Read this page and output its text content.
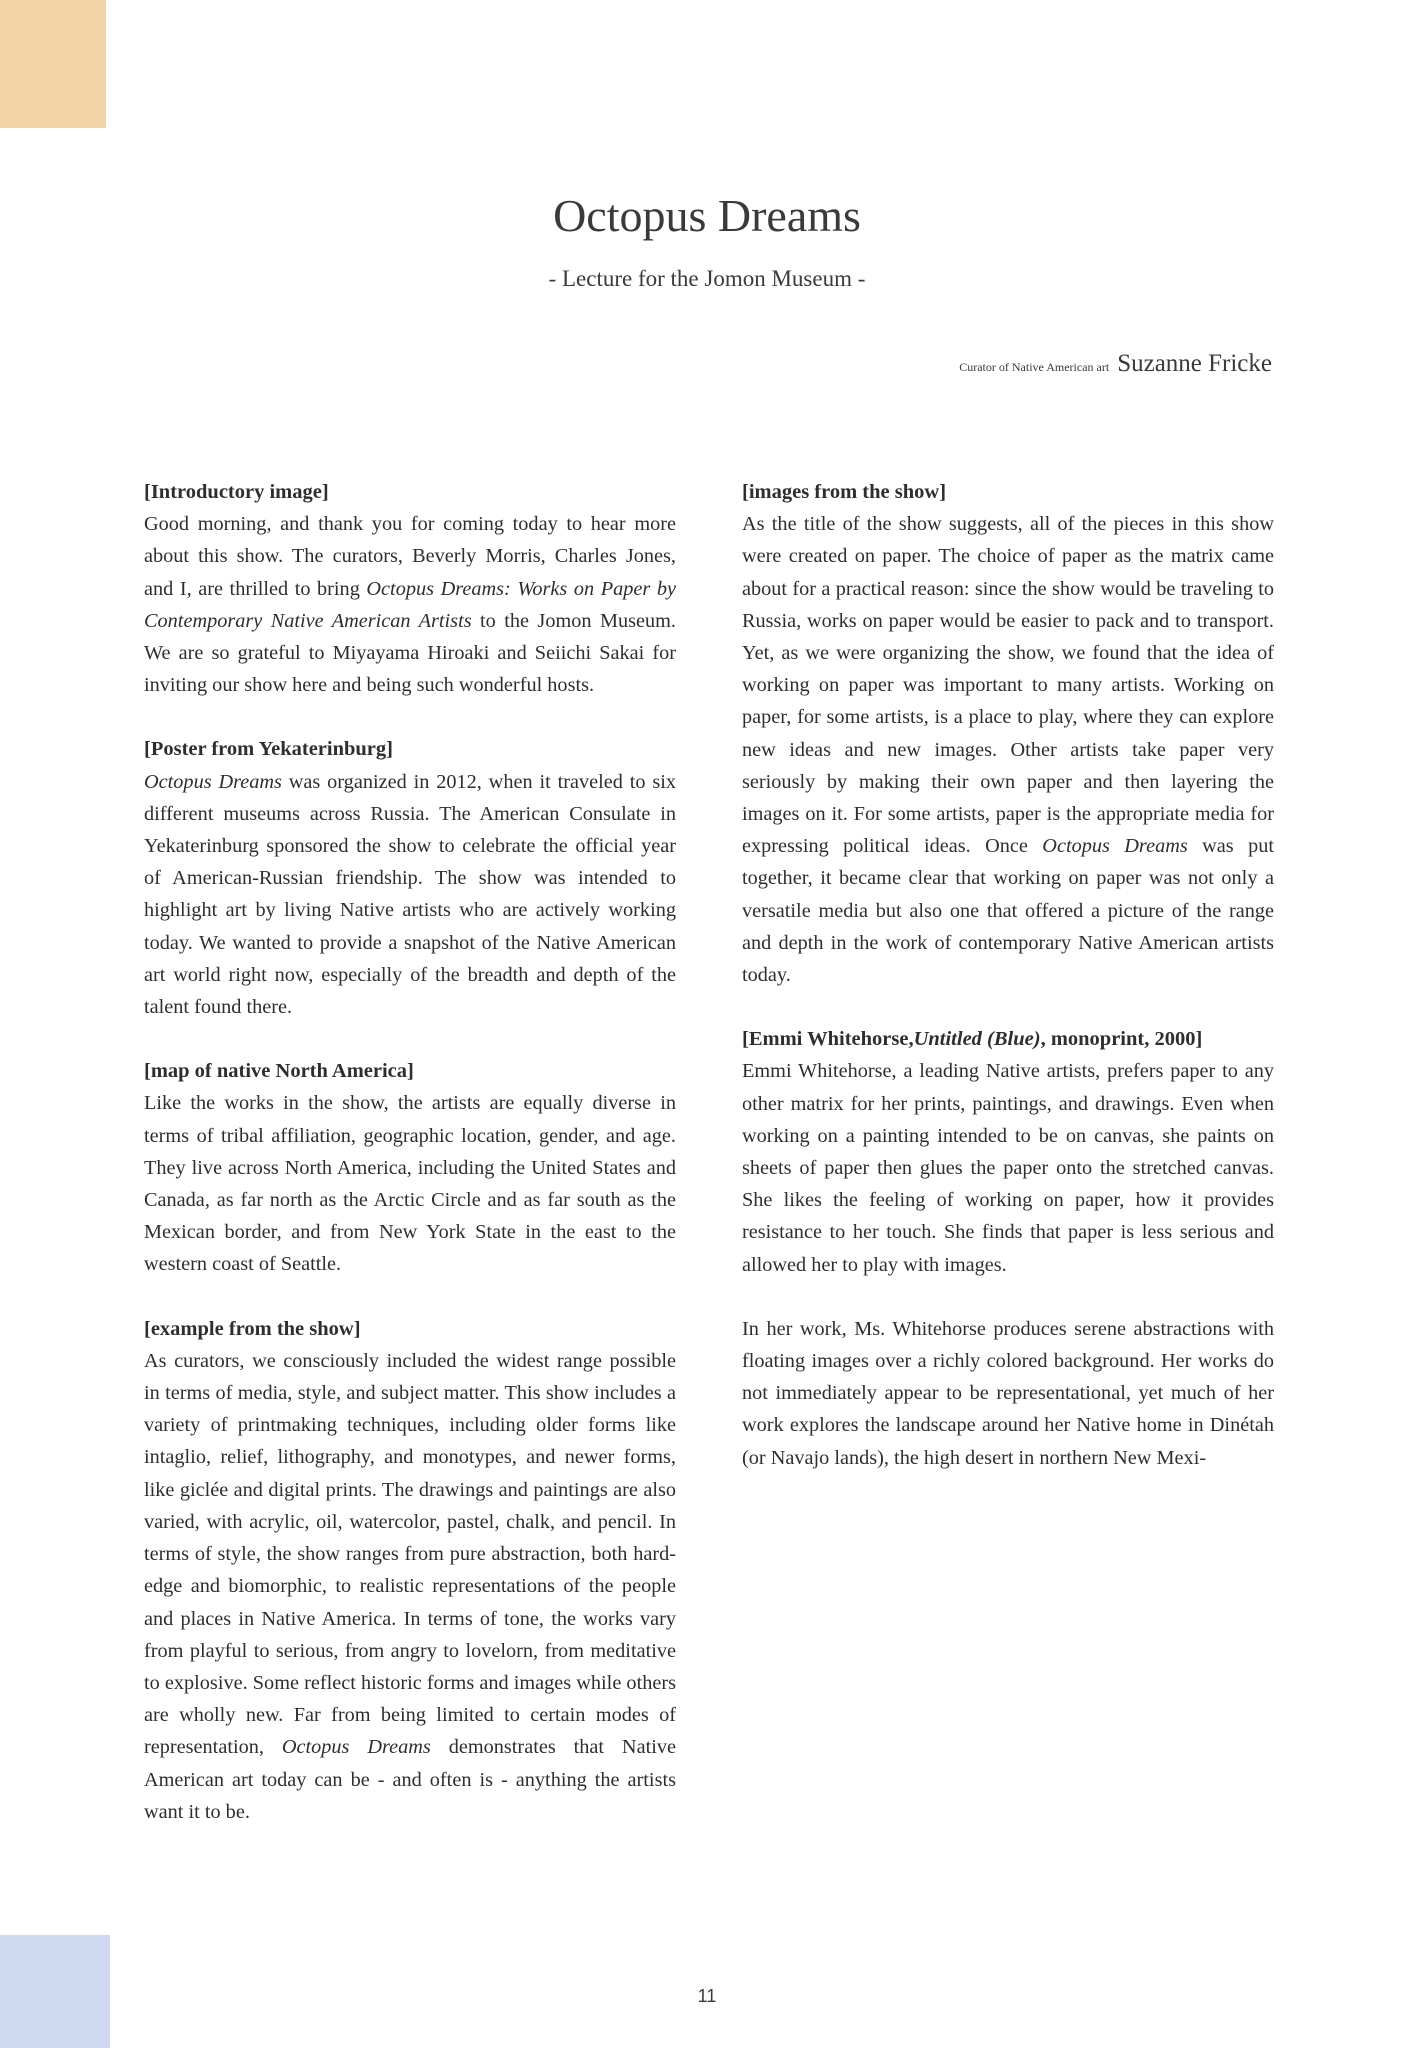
Octopus Dreams
- Lecture for the Jomon Museum -
Curator of Native American art Suzanne Fricke
[Introductory image]

Good morning, and thank you for coming today to hear more about this show. The curators, Beverly Morris, Charles Jones, and I, are thrilled to bring Octopus Dreams: Works on Paper by Contemporary Native American Artists to the Jomon Museum. We are so grateful to Miyayama Hiroaki and Seiichi Sakai for inviting our show here and being such wonderful hosts.

[Poster from Yekaterinburg]

Octopus Dreams was organized in 2012, when it traveled to six different museums across Russia. The American Consulate in Yekaterinburg sponsored the show to celebrate the official year of American-Russian friendship. The show was intended to highlight art by living Native artists who are actively working today. We wanted to provide a snapshot of the Native American art world right now, especially of the breadth and depth of the talent found there.

[map of native North America]

Like the works in the show, the artists are equally diverse in terms of tribal affiliation, geographic location, gender, and age. They live across North America, including the United States and Canada, as far north as the Arctic Circle and as far south as the Mexican border, and from New York State in the east to the western coast of Seattle.

[example from the show]

As curators, we consciously included the widest range possible in terms of media, style, and subject matter. This show includes a variety of printmaking techniques, including older forms like intaglio, relief, lithography, and monotypes, and newer forms, like giclée and digital prints. The drawings and paintings are also varied, with acrylic, oil, watercolor, pastel, chalk, and pencil. In terms of style, the show ranges from pure abstraction, both hard-edge and biomorphic, to realistic representations of the people and places in Native America. In terms of tone, the works vary from playful to serious, from angry to lovelorn, from meditative to explosive. Some reflect historic forms and images while others are wholly new. Far from being limited to certain modes of representation, Octopus Dreams demonstrates that Native American art today can be - and often is - anything the artists want it to be.

[images from the show]

As the title of the show suggests, all of the pieces in this show were created on paper. The choice of paper as the matrix came about for a practical reason: since the show would be traveling to Russia, works on paper would be easier to pack and to transport. Yet, as we were organizing the show, we found that the idea of working on paper was important to many artists. Working on paper, for some artists, is a place to play, where they can explore new ideas and new images. Other artists take paper very seriously by making their own paper and then layering the images on it. For some artists, paper is the appropriate media for expressing political ideas. Once Octopus Dreams was put together, it became clear that working on paper was not only a versatile media but also one that offered a picture of the range and depth in the work of contemporary Native American artists today.

[Emmi Whitehorse,Untitled (Blue), monoprint, 2000]

Emmi Whitehorse, a leading Native artists, prefers paper to any other matrix for her prints, paintings, and drawings. Even when working on a painting intended to be on canvas, she paints on sheets of paper then glues the paper onto the stretched canvas. She likes the feeling of working on paper, how it provides resistance to her touch. She finds that paper is less serious and allowed her to play with images.

In her work, Ms. Whitehorse produces serene abstractions with floating images over a richly colored background. Her works do not immediately appear to be representational, yet much of her work explores the landscape around her Native home in Dinétah (or Navajo lands), the high desert in northern New Mexi-

11
